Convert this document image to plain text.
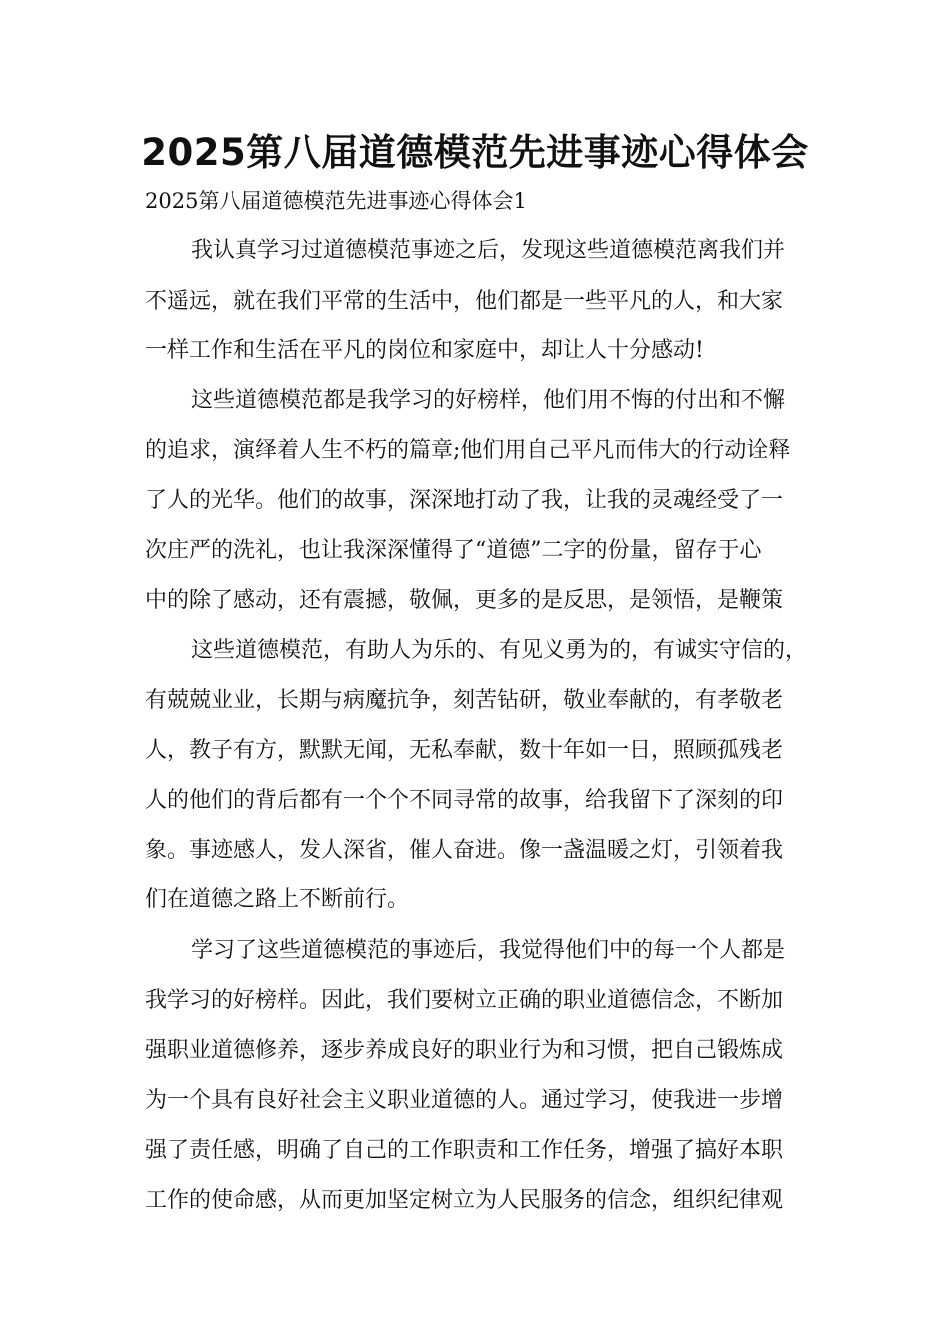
2025第八届道德模范先进事迹心得体会

2025第八届道德模范先进事迹心得体会1

我认真学习过道德模范事迹之后，发现这些道德模范离我们并

不遥远，就在我们平常的生活中，他们都是一些平凡的人，和大家

一样工作和生活在平凡的岗位和家庭中，却让人十分感动!

这些道德模范都是我学习的好榜样，他们用不悔的付出和不懈

的追求，演绎着人生不朽的篇章;他们用自己平凡而伟大的行动诠释

了人的光华。他们的故事，深深地打动了我，让我的灵魂经受了一

次庄严的洗礼，也让我深深懂得了“道德”二字的份量，留存于心

中的除了感动，还有震撼，敬佩，更多的是反思，是领悟，是鞭策

这些道德模范，有助人为乐的、有见义勇为的，有诚实守信的，

有兢兢业业，长期与病魔抗争，刻苦钻研，敬业奉献的，有孝敬老

人，教子有方，默默无闻，无私奉献，数十年如一日，照顾孤残老

人的他们的背后都有一个个不同寻常的故事，给我留下了深刻的印

象。事迹感人，发人深省，催人奋进。像一盏温暖之灯，引领着我

们在道德之路上不断前行。

学习了这些道德模范的事迹后，我觉得他们中的每一个人都是

我学习的好榜样。因此，我们要树立正确的职业道德信念，不断加

强职业道德修养，逐步养成良好的职业行为和习惯，把自己锻炼成

为一个具有良好社会主义职业道德的人。通过学习，使我进一步增

强了责任感，明确了自己的工作职责和工作任务，增强了搞好本职

工作的使命感，从而更加坚定树立为人民服务的信念，组织纪律观
